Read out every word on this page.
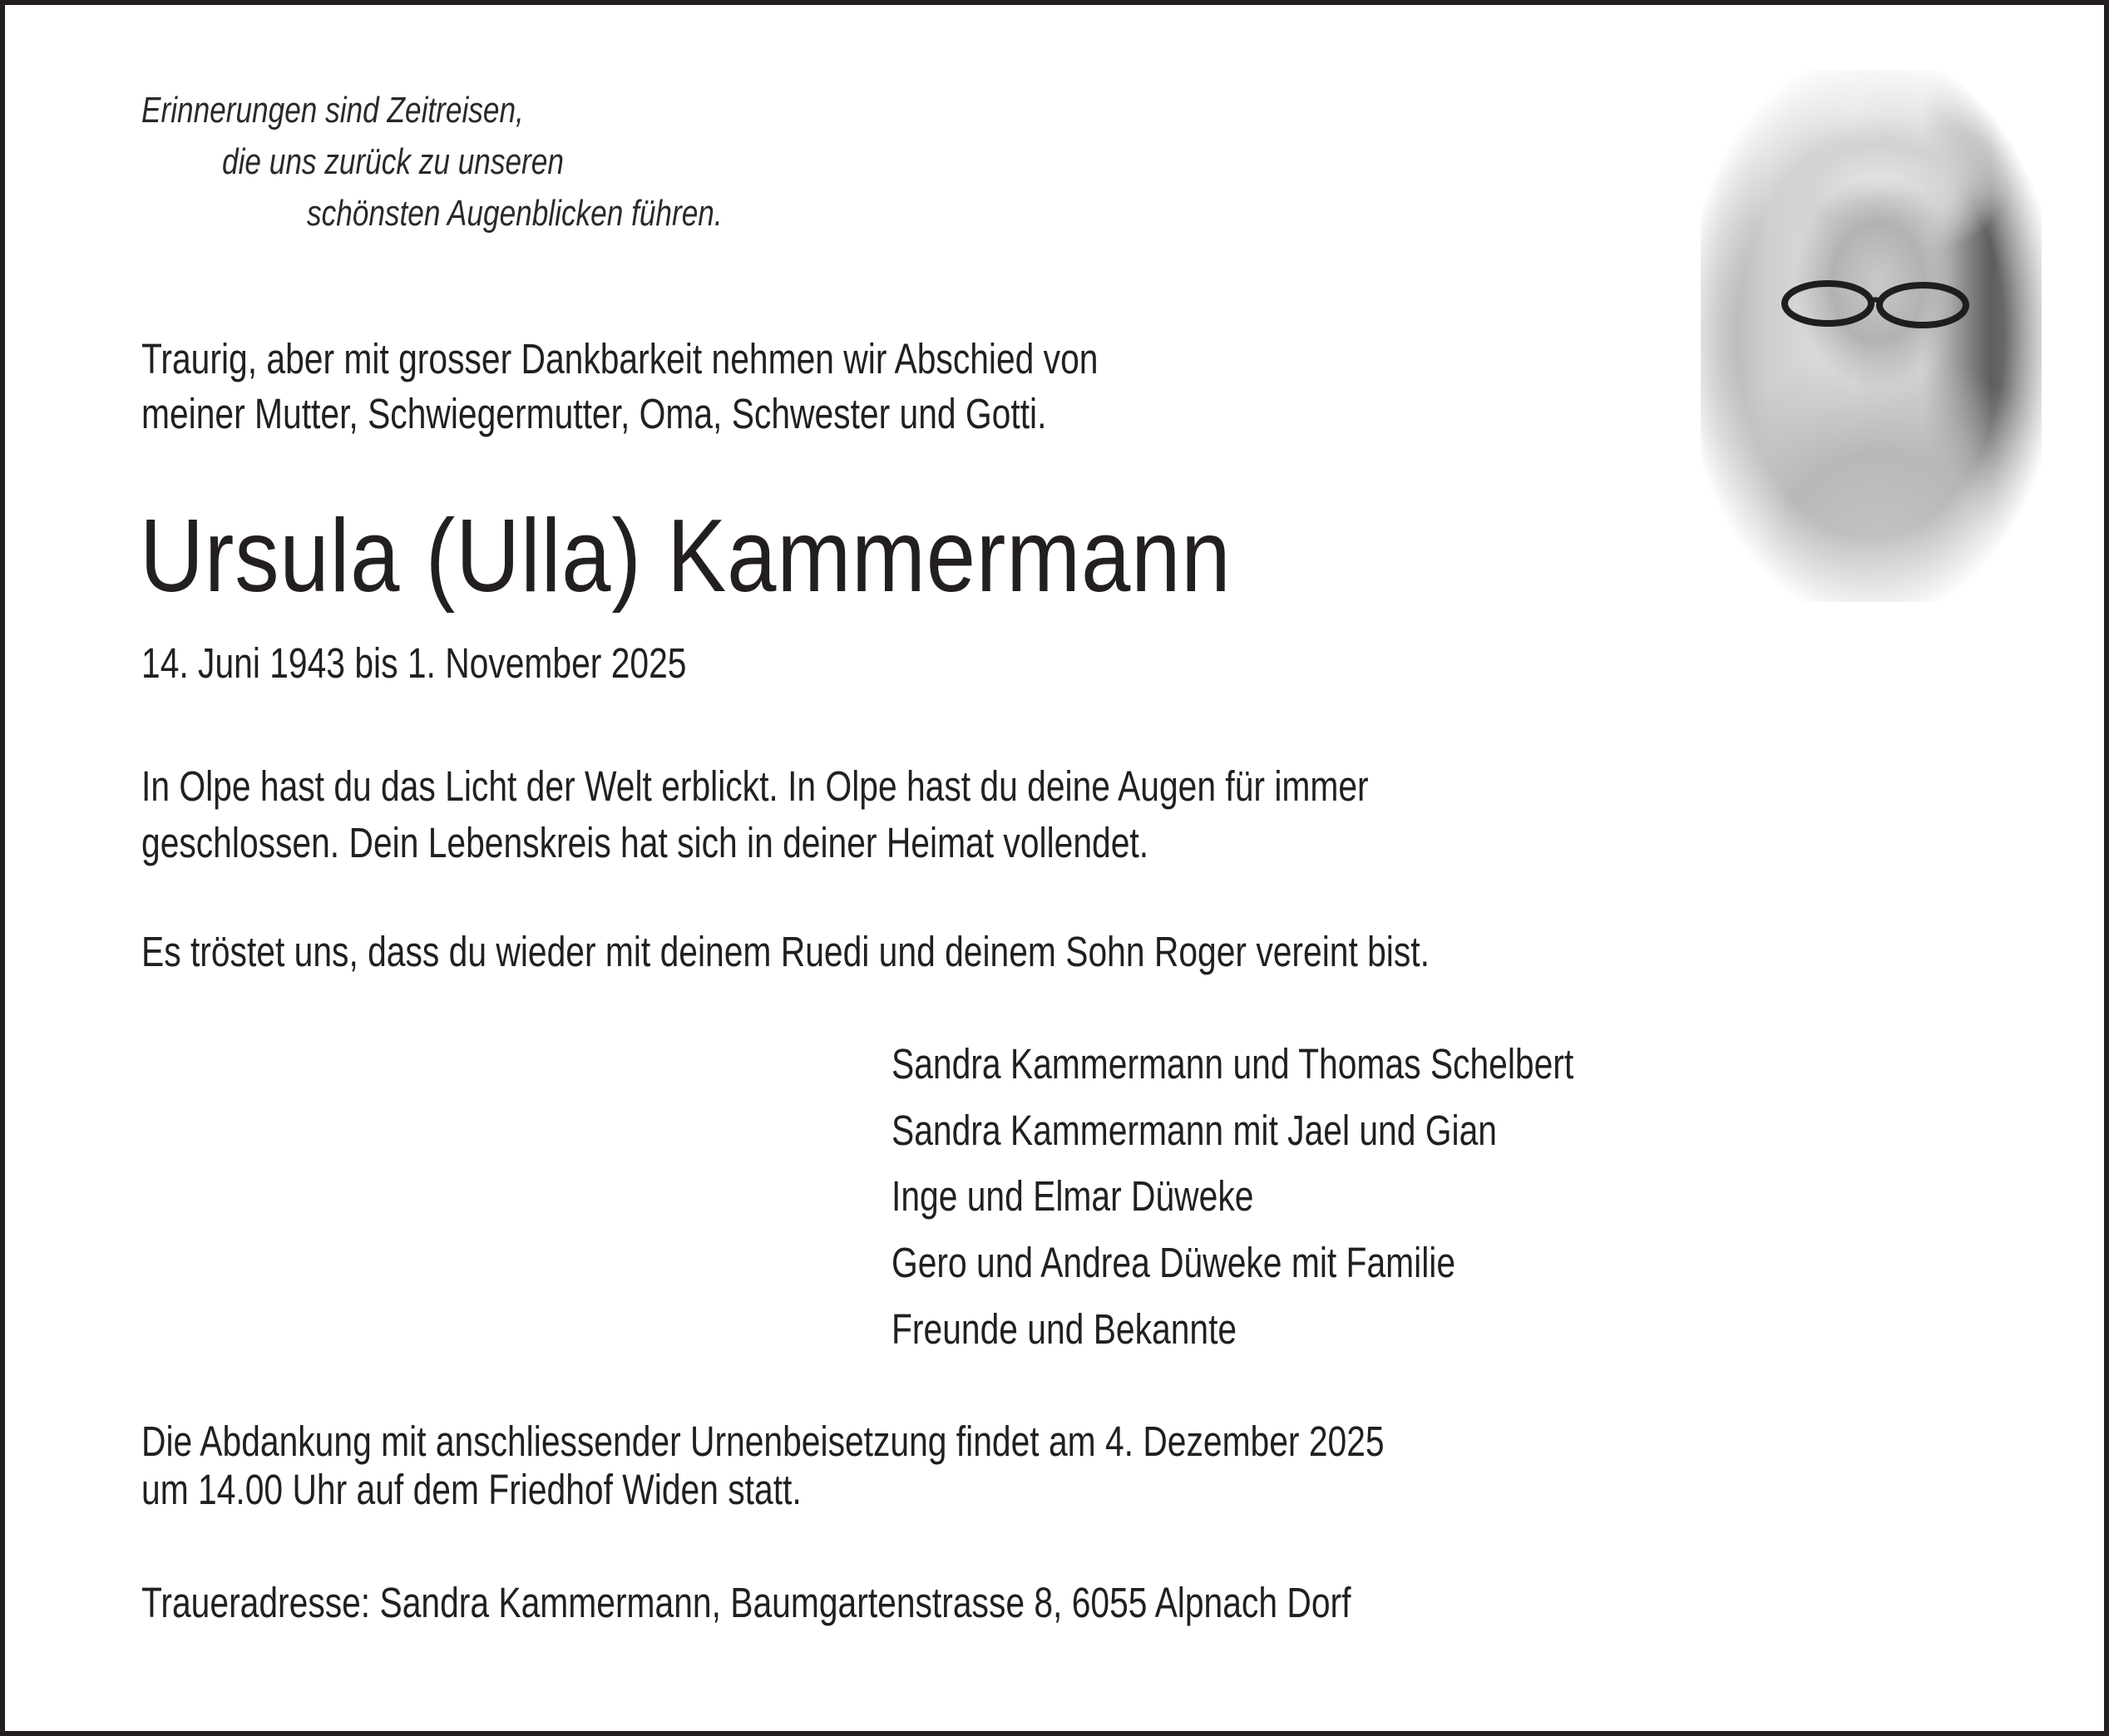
Erinnerungen sind Zeitreisen,
die uns zurück zu unseren
schönsten Augenblicken führen.
Traurig, aber mit grosser Dankbarkeit nehmen wir Abschied von
meiner Mutter, Schwiegermutter, Oma, Schwester und Gotti.
Ursula (Ulla) Kammermann
14. Juni 1943 bis 1. November 2025
In Olpe hast du das Licht der Welt erblickt. In Olpe hast du deine Augen für immer
geschlossen. Dein Lebenskreis hat sich in deiner Heimat vollendet.
Es tröstet uns, dass du wieder mit deinem Ruedi und deinem Sohn Roger vereint bist.
Sandra Kammermann und Thomas Schelbert
Sandra Kammermann mit Jael und Gian
Inge und Elmar Düweke
Gero und Andrea Düweke mit Familie
Freunde und Bekannte
Die Abdankung mit anschliessender Urnenbeisetzung findet am 4. Dezember 2025
um 14.00 Uhr auf dem Friedhof Widen statt.
Traueradresse: Sandra Kammermann, Baumgartenstrasse 8, 6055 Alpnach Dorf
